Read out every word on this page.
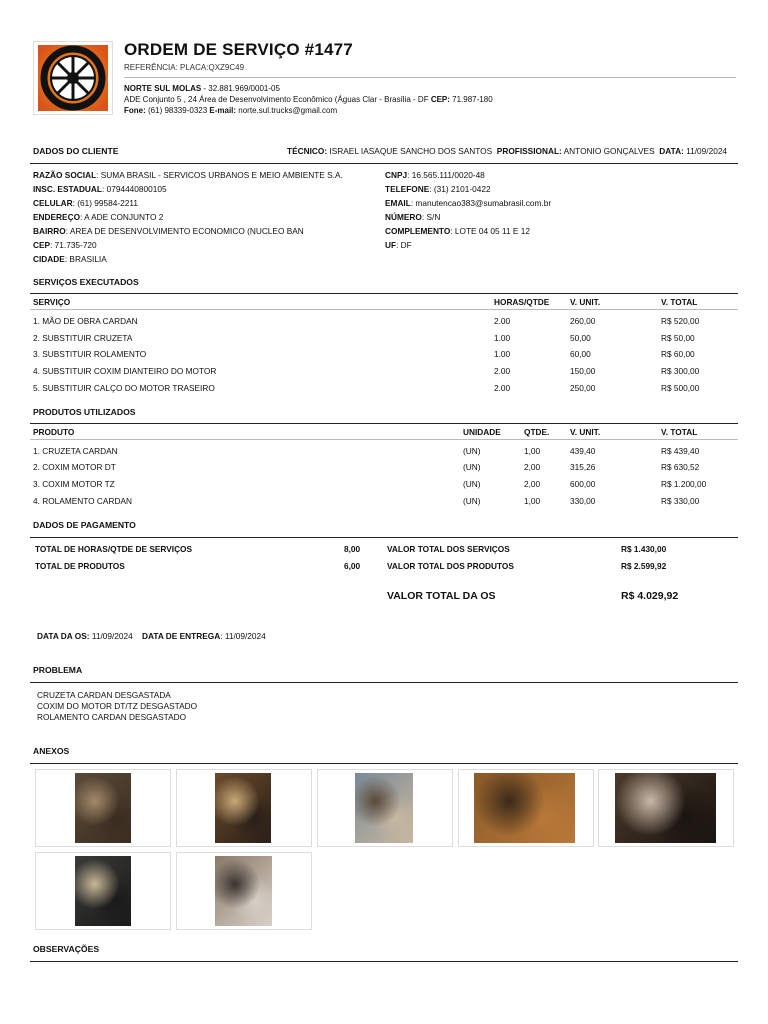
ORDEM DE SERVIÇO #1477
REFERÊNCIA: PLACA:QXZ9C49
NORTE SUL MOLAS - 32.881.969/0001-05
ADE Conjunto 5 , 24 Área de Desenvolvimento Econômico (Águas Clar - Brasília - DF CEP: 71.987-180
Fone: (61) 98339-0323 E-mail: norte.sul.trucks@gmail.com
DADOS DO CLIENTE	TÉCNICO: ISRAEL IASAQUE SANCHO DOS SANTOS PROFISSIONAL: ANTONIO GONÇALVES DATA: 11/09/2024
RAZÃO SOCIAL: SUMA BRASIL - SERVICOS URBANOS E MEIO AMBIENTE S.A.
INSC. ESTADUAL: 0794440800105
CELULAR: (61) 99584-2211
ENDEREÇO: A ADE CONJUNTO 2
BAIRRO: AREA DE DESENVOLVIMENTO ECONOMICO (NUCLEO BAN
CEP: 71.735-720
CIDADE: BRASILIA
CNPJ: 16.565.111/0020-48
TELEFONE: (31) 2101-0422
EMAIL: manutencao383@sumabrasil.com.br
NÚMERO: S/N
COMPLEMENTO: LOTE 04 05 11 E 12
UF: DF
SERVIÇOS EXECUTADOS
SERVIÇO	HORAS/QTDE V. UNIT.	V. TOTAL
1. MÃO DE OBRA CARDAN	2.00	260,00	R$ 520,00
2. SUBSTITUIR CRUZETA	1.00	50,00	R$ 50,00
3. SUBSTITUIR ROLAMENTO	1.00	60,00	R$ 60,00
4. SUBSTITUIR COXIM DIANTEIRO DO MOTOR	2.00	150,00	R$ 300,00
5. SUBSTITUIR CALÇO DO MOTOR TRASEIRO	2.00	250,00	R$ 500,00
PRODUTOS UTILIZADOS
PRODUTO	UNIDADE	QTDE. V. UNIT.	V. TOTAL
1. CRUZETA CARDAN	(UN)	1,00	439,40	R$ 439,40
2. COXIM MOTOR DT	(UN)	2,00	315,26	R$ 630,52
3. COXIM MOTOR TZ	(UN)	2,00	600,00	R$ 1.200,00
4. ROLAMENTO CARDAN	(UN)	1,00	330,00	R$ 330,00
DADOS DE PAGAMENTO
TOTAL DE HORAS/QTDE DE SERVIÇOS	8,00	VALOR TOTAL DOS SERVIÇOS	R$ 1.430,00
TOTAL DE PRODUTOS	6,00	VALOR TOTAL DOS PRODUTOS	R$ 2.599,92
VALOR TOTAL DA OS	R$ 4.029,92
DATA DA OS: 11/09/2024 DATA DE ENTREGA: 11/09/2024
PROBLEMA
CRUZETA CARDAN DESGASTADA
COXIM DO MOTOR DT/TZ DESGASTADO
ROLAMENTO CARDAN DESGASTADO
ANEXOS
OBSERVAÇÕES
